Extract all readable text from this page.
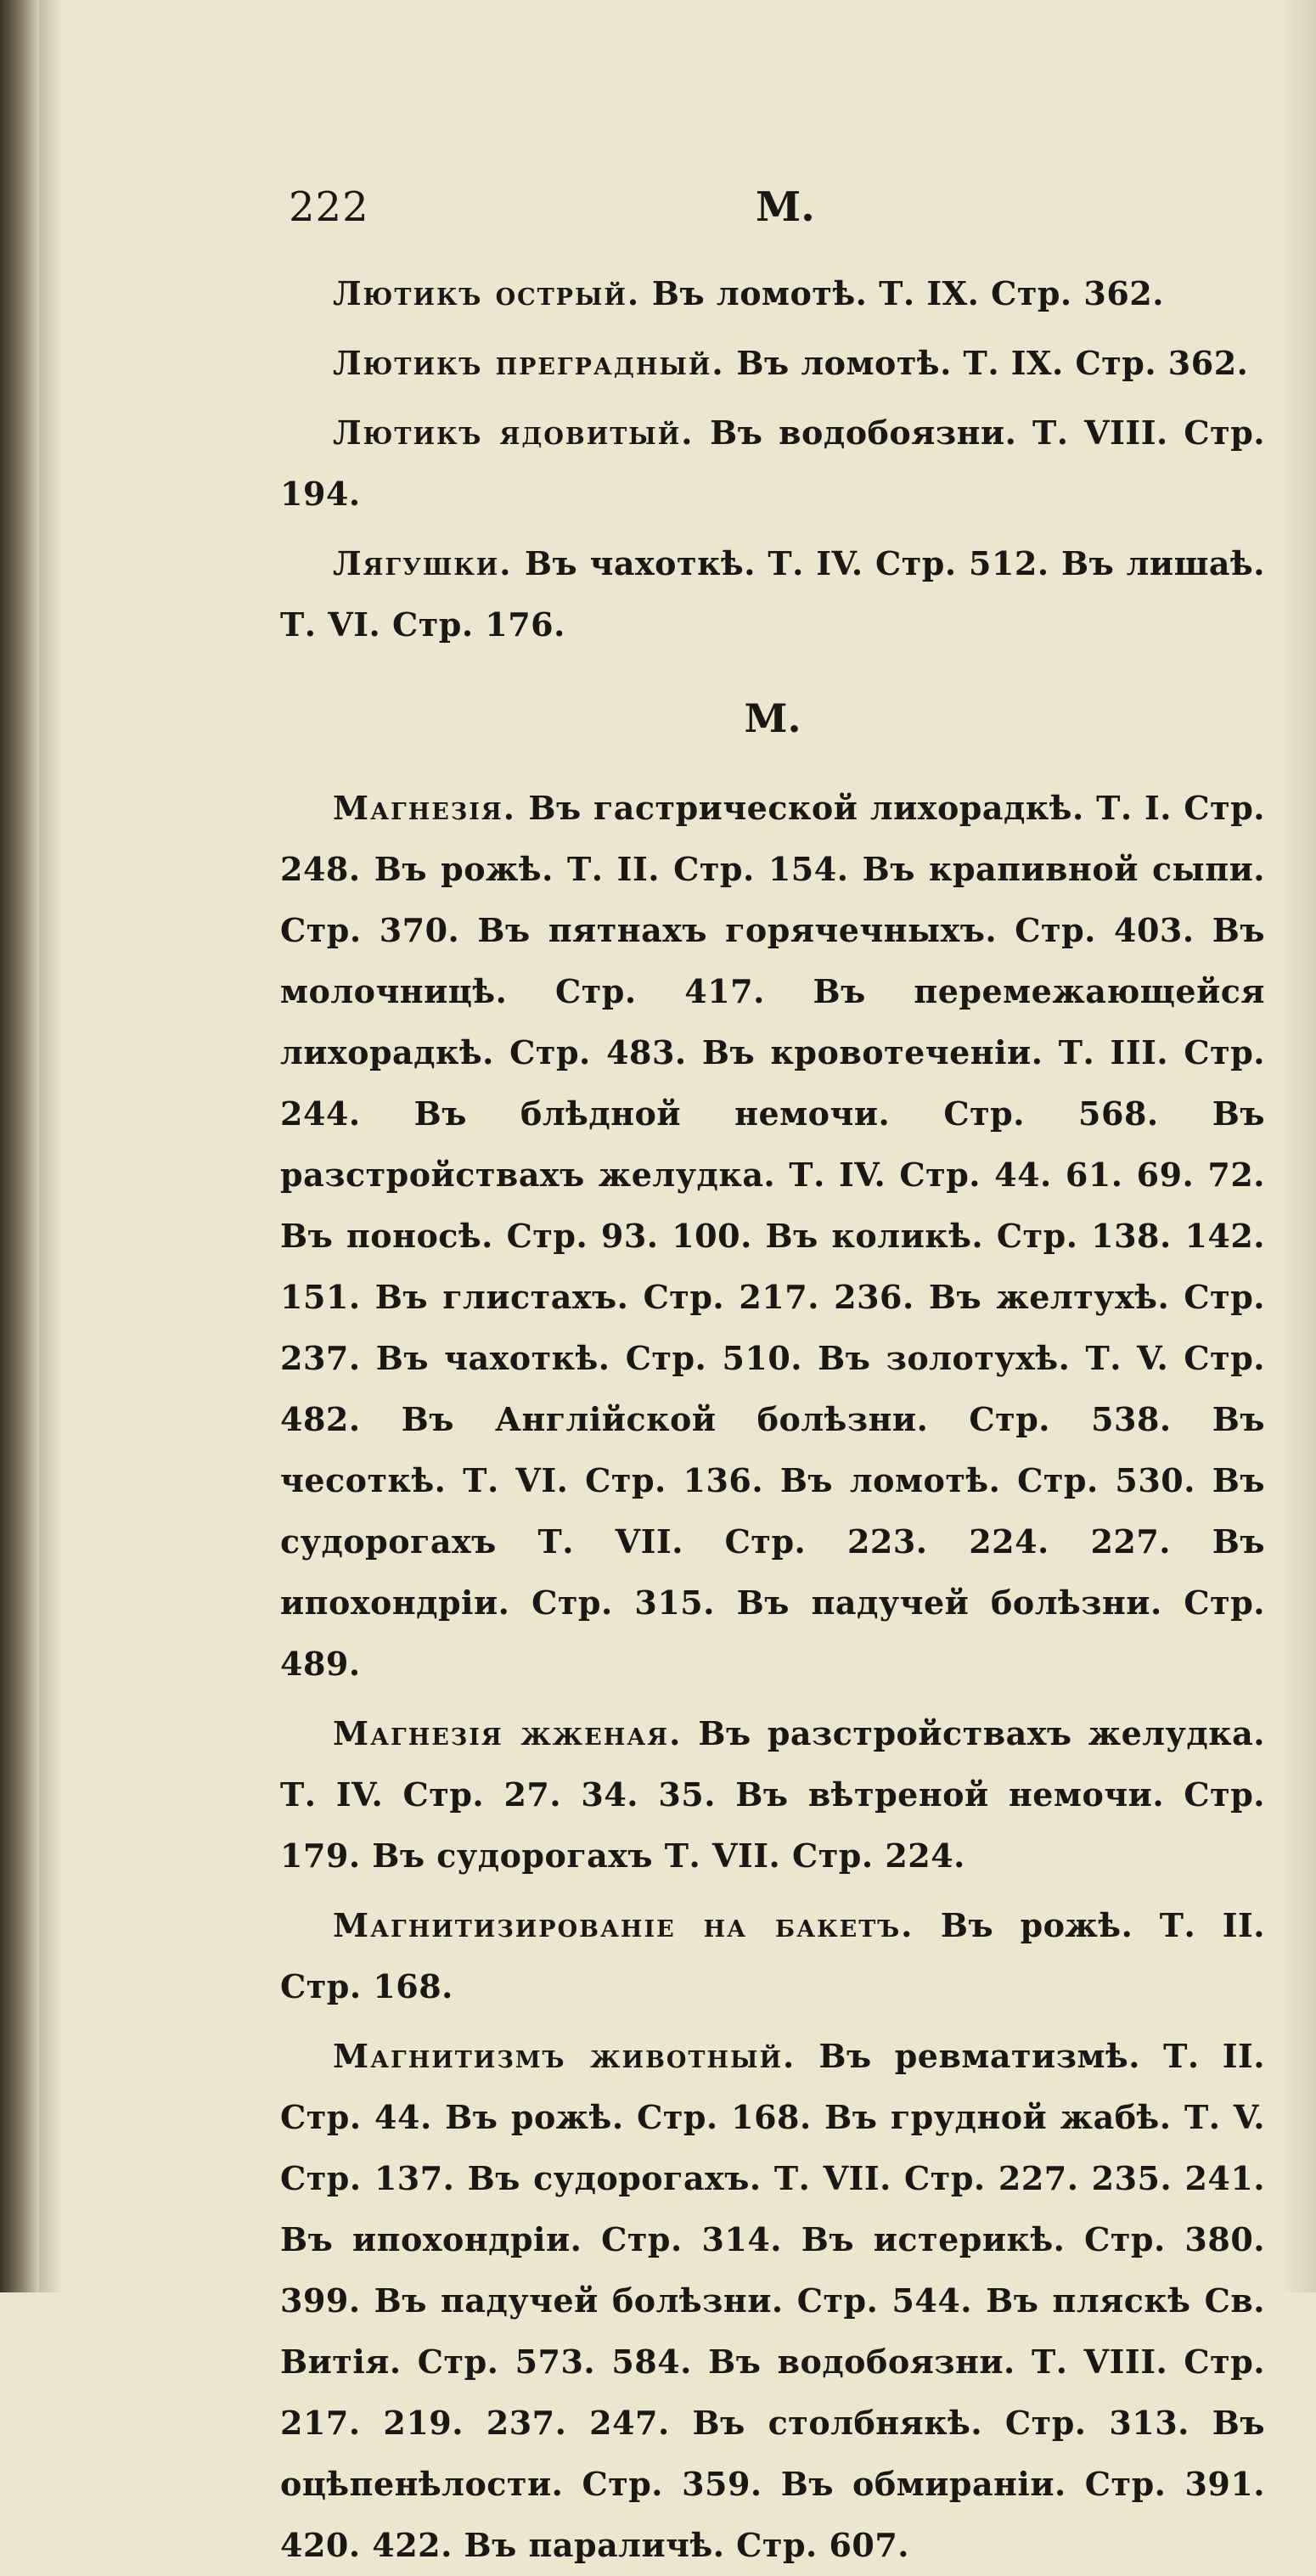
222	M.

Лютикъ острый. Въ ломотѣ. Т. IX. Стр. 362.

Лютикъ преградный. Въ ломотѣ. Т. IX. Стр. 362.

Лютикъ ядовитый. Въ водобоязни. Т. VIII. Стр. 194.

Лягушки. Въ чахоткѣ. Т. IV. Стр. 512. Въ лишаѣ. Т. VI. Стр. 176.

M.

Магнезія. Въ гастрической лихорадкѣ. Т. I. Стр. 248. Въ рожѣ. Т. II. Стр. 154. Въ крапивной сыпи. Стр. 370. Въ пятнахъ горячечныхъ. Стр. 403. Въ молочницѣ. Стр. 417. Въ перемежающейся лихорадкѣ. Стр. 483. Въ кровотеченіи. Т. III. Стр. 244. Въ блѣдной немочи. Стр. 568. Въ разстройствахъ желудка. Т. IV. Стр. 44. 61. 69. 72. Въ поносѣ. Стр. 93. 100. Въ коликѣ. Стр. 138. 142. 151. Въ глистахъ. Стр. 217. 236. Въ желтухѣ. Стр. 237. Въ чахоткѣ. Стр. 510. Въ золотухѣ. Т. V. Стр. 482. Въ Англійской болѣзни. Стр. 538. Въ чесоткѣ. Т. VI. Стр. 136. Въ ломотѣ. Стр. 530. Въ судорогахъ Т. VII. Стр. 223. 224. 227. Въ ипохондріи. Стр. 315. Въ падучей болѣзни. Стр. 489.

Магнезія жженая. Въ разстройствахъ желудка. Т. IV. Стр. 27. 34. 35. Въ вѣтреной немочи. Стр. 179. Въ судорогахъ Т. VII. Стр. 224.

Магнитизированіе на бакетъ. Въ рожѣ. Т. II. Стр. 168.

Магнитизмъ животный. Въ ревматизмѣ. Т. II. Стр. 44. Въ рожѣ. Стр. 168. Въ грудной жабѣ. Т. V. Стр. 137. Въ судорогахъ. Т. VII. Стр. 227. 235. 241. Въ ипохондріи. Стр. 314. Въ истерикѣ. Стр. 380. 399. Въ падучей болѣзни. Стр. 544. Въ пляскѣ Св. Витія. Стр. 573. 584. Въ водобоязни. Т. VIII. Стр. 217. 219. 237. 247. Въ столбнякѣ. Стр. 313. Въ оцѣпенѣлости. Стр. 359. Въ обмираніи. Стр. 391. 420. 422. Въ параличѣ. Стр. 607.
